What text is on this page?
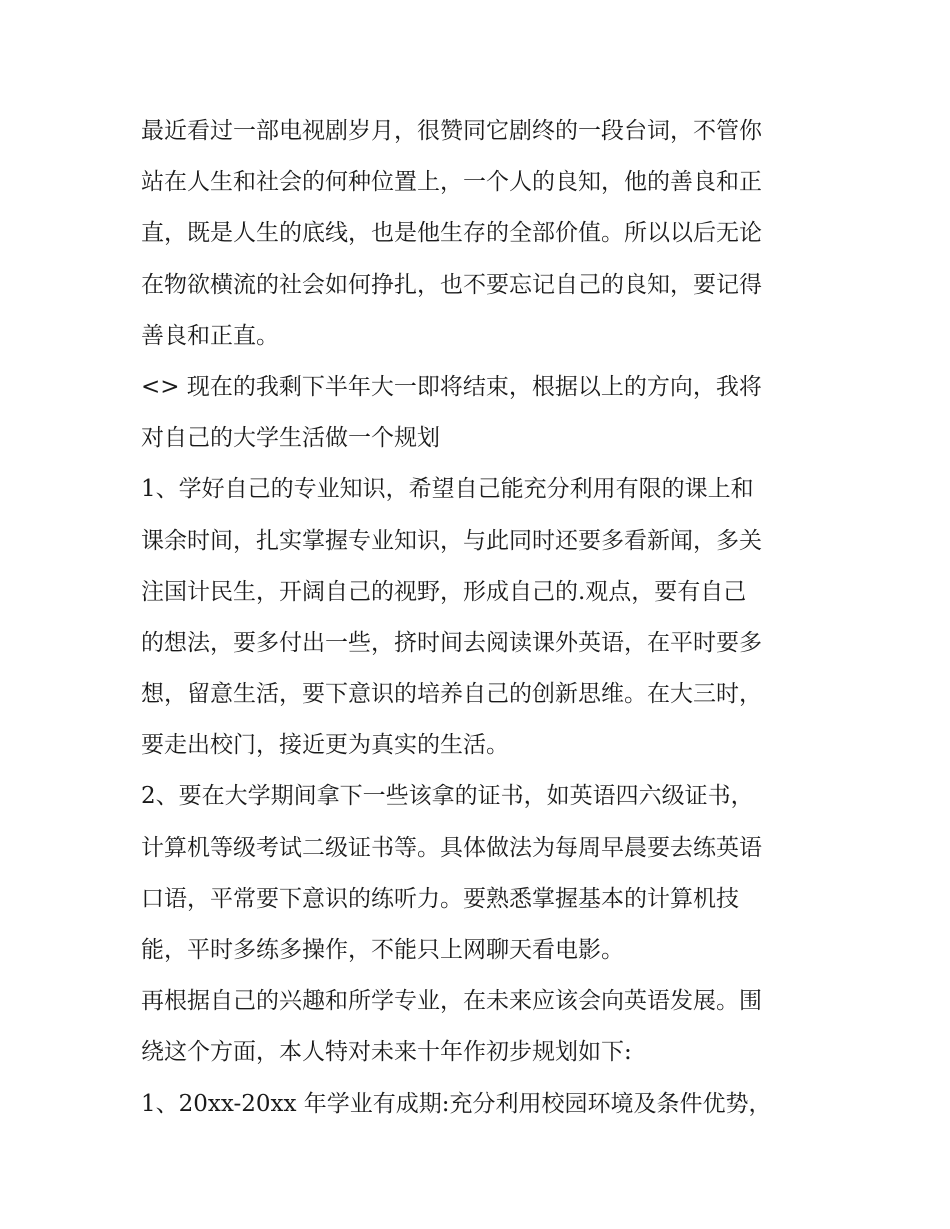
最近看过一部电视剧岁月，很赞同它剧终的一段台词，不管你
站在人生和社会的何种位置上，一个人的良知，他的善良和正
直，既是人生的底线，也是他生存的全部价值。所以以后无论
在物欲横流的社会如何挣扎，也不要忘记自己的良知，要记得
善良和正直。
<> 现在的我剩下半年大一即将结束，根据以上的方向，我将
对自己的大学生活做一个规划
1、学好自己的专业知识，希望自己能充分利用有限的课上和
课余时间，扎实掌握专业知识，与此同时还要多看新闻，多关
注国计民生，开阔自己的视野，形成自己的.观点，要有自己
的想法，要多付出一些，挤时间去阅读课外英语，在平时要多
想，留意生活，要下意识的培养自己的创新思维。在大三时，
要走出校门，接近更为真实的生活。
2、要在大学期间拿下一些该拿的证书，如英语四六级证书，
计算机等级考试二级证书等。具体做法为每周早晨要去练英语
口语，平常要下意识的练听力。要熟悉掌握基本的计算机技
能，平时多练多操作，不能只上网聊天看电影。
再根据自己的兴趣和所学专业，在未来应该会向英语发展。围
绕这个方面，本人特对未来十年作初步规划如下:
1、20xx-20xx 年学业有成期:充分利用校园环境及条件优势，
